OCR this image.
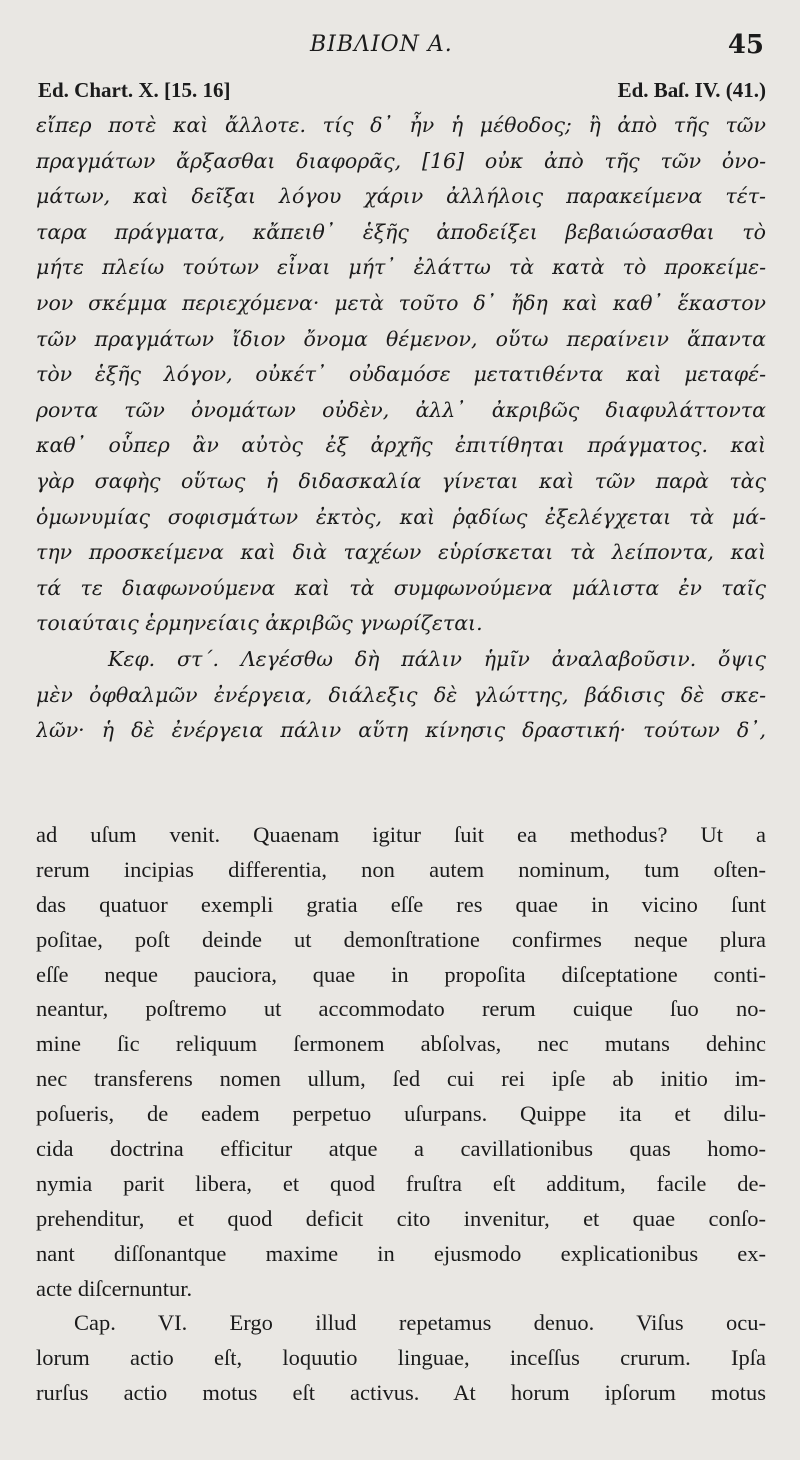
BIBΛION A.	45
Ed. Chart. X. [15. 16]	Ed. Baſ. IV. (41.)
εἴπερ ποτὲ καὶ ἄλλοτε. τίς δ᾽ ἦν ἡ μέθοδος; ἢ ἀπὸ τῆς τῶν
πραγμάτων ἄρξασθαι διαφορᾶς, [16] οὐκ ἀπὸ τῆς τῶν ὀνο-
μάτων, καὶ δεῖξαι λόγου χάριν ἀλλήλοις παρακείμενα τέτ-
ταρα πράγματα, κἄπειθ᾽ ἑξῆς ἀποδείξει βεβαιώσασθαι τὸ
μήτε πλείω τούτων εἶναι μήτ᾽ ἐλάττω τὰ κατὰ τὸ προκείμε-
νον σκέμμα περιεχόμενα· μετὰ τοῦτο δ᾽ ἤδη καὶ καθ᾽ ἕκαστον
τῶν πραγμάτων ἴδιον ὄνομα θέμενον, οὕτω περαίνειν ἅπαντα
τὸν ἑξῆς λόγον, οὐκέτ᾽ οὐδαμόσε μετατιθέντα καὶ μεταφέ-
ροντα τῶν ὀνομάτων οὐδὲν, ἀλλ᾽ ἀκριβῶς διαφυλάττοντα
καθ᾽ οὗπερ ἂν αὐτὸς ἐξ ἀρχῆς ἐπιτίθηται πράγματος. καὶ
γὰρ σαφὴς οὕτως ἡ διδασκαλία γίνεται καὶ τῶν παρὰ τὰς
ὁμωνυμίας σοφισμάτων ἐκτὸς, καὶ ῥᾳδίως ἐξελέγχεται τὰ μά-
την προσκείμενα καὶ διὰ ταχέων εὑρίσκεται τὰ λείποντα, καὶ
τά τε διαφωνούμενα καὶ τὰ συμφωνούμενα μάλιστα ἐν ταῖς
τοιαύταις ἑρμηνείαις ἀκριβῶς γνωρίζεται.
Κεφ. στ΄. Λεγέσθω δὴ πάλιν ἡμῖν ἀναλαβοῦσιν. ὄψις
μὲν ὀφθαλμῶν ἐνέργεια, διάλεξις δὲ γλώττης, βάδισις δὲ σκε-
λῶν· ἡ δὲ ἐνέργεια πάλιν αὕτη κίνησις δραστική· τούτων δ᾽,
ad uſum venit. Quaenam igitur ſuit ea methodus? Ut a
rerum incipias differentia, non autem nominum, tum oſten-
das quatuor exempli gratia eſſe res quae in vicino ſunt
poſitae, poſt deinde ut demonſtratione confirmes neque plura
eſſe neque pauciora, quae in propoſita diſceptatione conti-
neantur, poſtremo ut accommodato rerum cuique ſuo no-
mine ſic reliquum ſermonem abſolvas, nec mutans dehinc
nec transferens nomen ullum, ſed cui rei ipſe ab initio im-
poſueris, de eadem perpetuo uſurpans. Quippe ita et dilu-
cida doctrina efficitur atque a cavillationibus quas homo-
nymia parit libera, et quod fruſtra eſt additum, facile de-
prehenditur, et quod deficit cito invenitur, et quae conſo-
nant diſſonantque maxime in ejusmodo explicationibus ex-
acte diſcernuntur.
Cap. VI. Ergo illud repetamus denuo. Viſus ocu-
lorum actio eſt, loquutio linguae, inceſſus crurum. Ipſa
rurſus actio motus eſt activus. At horum ipſorum motus
